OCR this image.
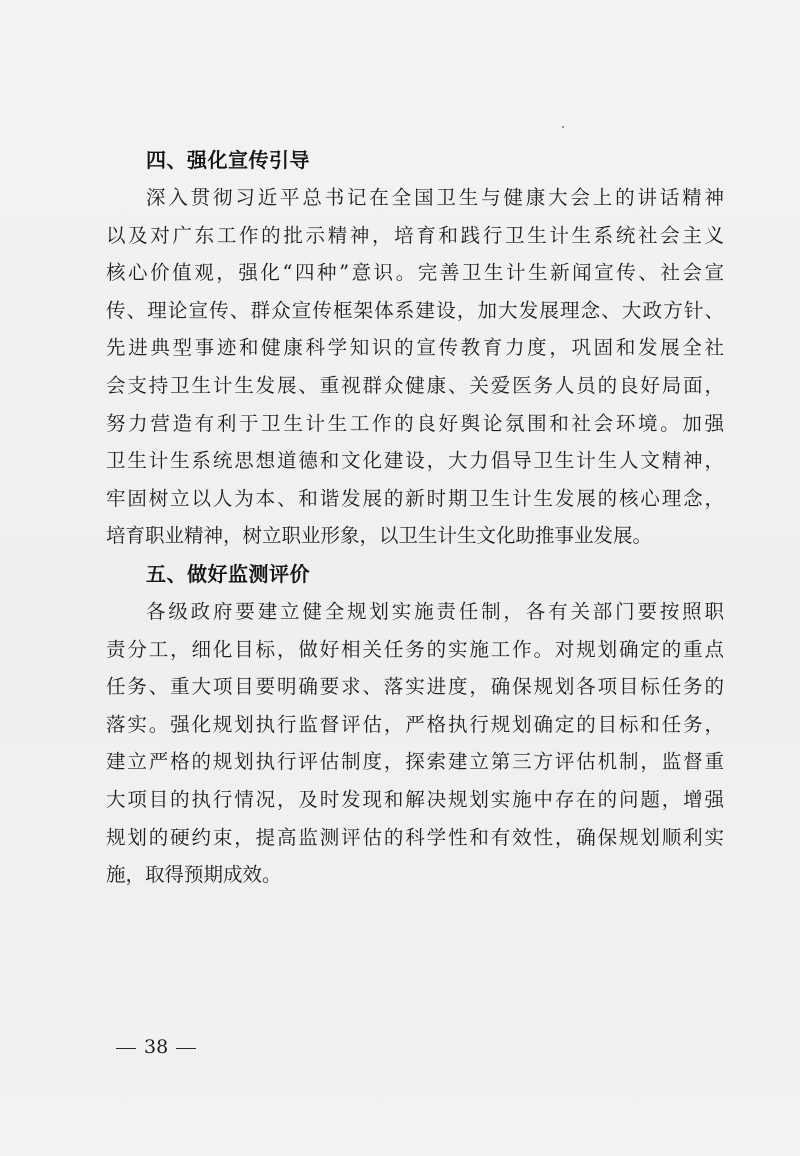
四、强化宣传引导
深入贯彻习近平总书记在全国卫生与健康大会上的讲话精神
以及对广东工作的批示精神，培育和践行卫生计生系统社会主义
核心价值观，强化“四种”意识。完善卫生计生新闻宣传、社会宣
传、理论宣传、群众宣传框架体系建设，加大发展理念、大政方针、
先进典型事迹和健康科学知识的宣传教育力度，巩固和发展全社
会支持卫生计生发展、重视群众健康、关爱医务人员的良好局面，
努力营造有利于卫生计生工作的良好舆论氛围和社会环境。加强
卫生计生系统思想道德和文化建设，大力倡导卫生计生人文精神，
牢固树立以人为本、和谐发展的新时期卫生计生发展的核心理念，
培育职业精神，树立职业形象，以卫生计生文化助推事业发展。
五、做好监测评价
各级政府要建立健全规划实施责任制，各有关部门要按照职
责分工，细化目标，做好相关任务的实施工作。对规划确定的重点
任务、重大项目要明确要求、落实进度，确保规划各项目标任务的
落实。强化规划执行监督评估，严格执行规划确定的目标和任务，
建立严格的规划执行评估制度，探索建立第三方评估机制，监督重
大项目的执行情况，及时发现和解决规划实施中存在的问题，增强
规划的硬约束，提高监测评估的科学性和有效性，确保规划顺利实
施，取得预期成效。
38
